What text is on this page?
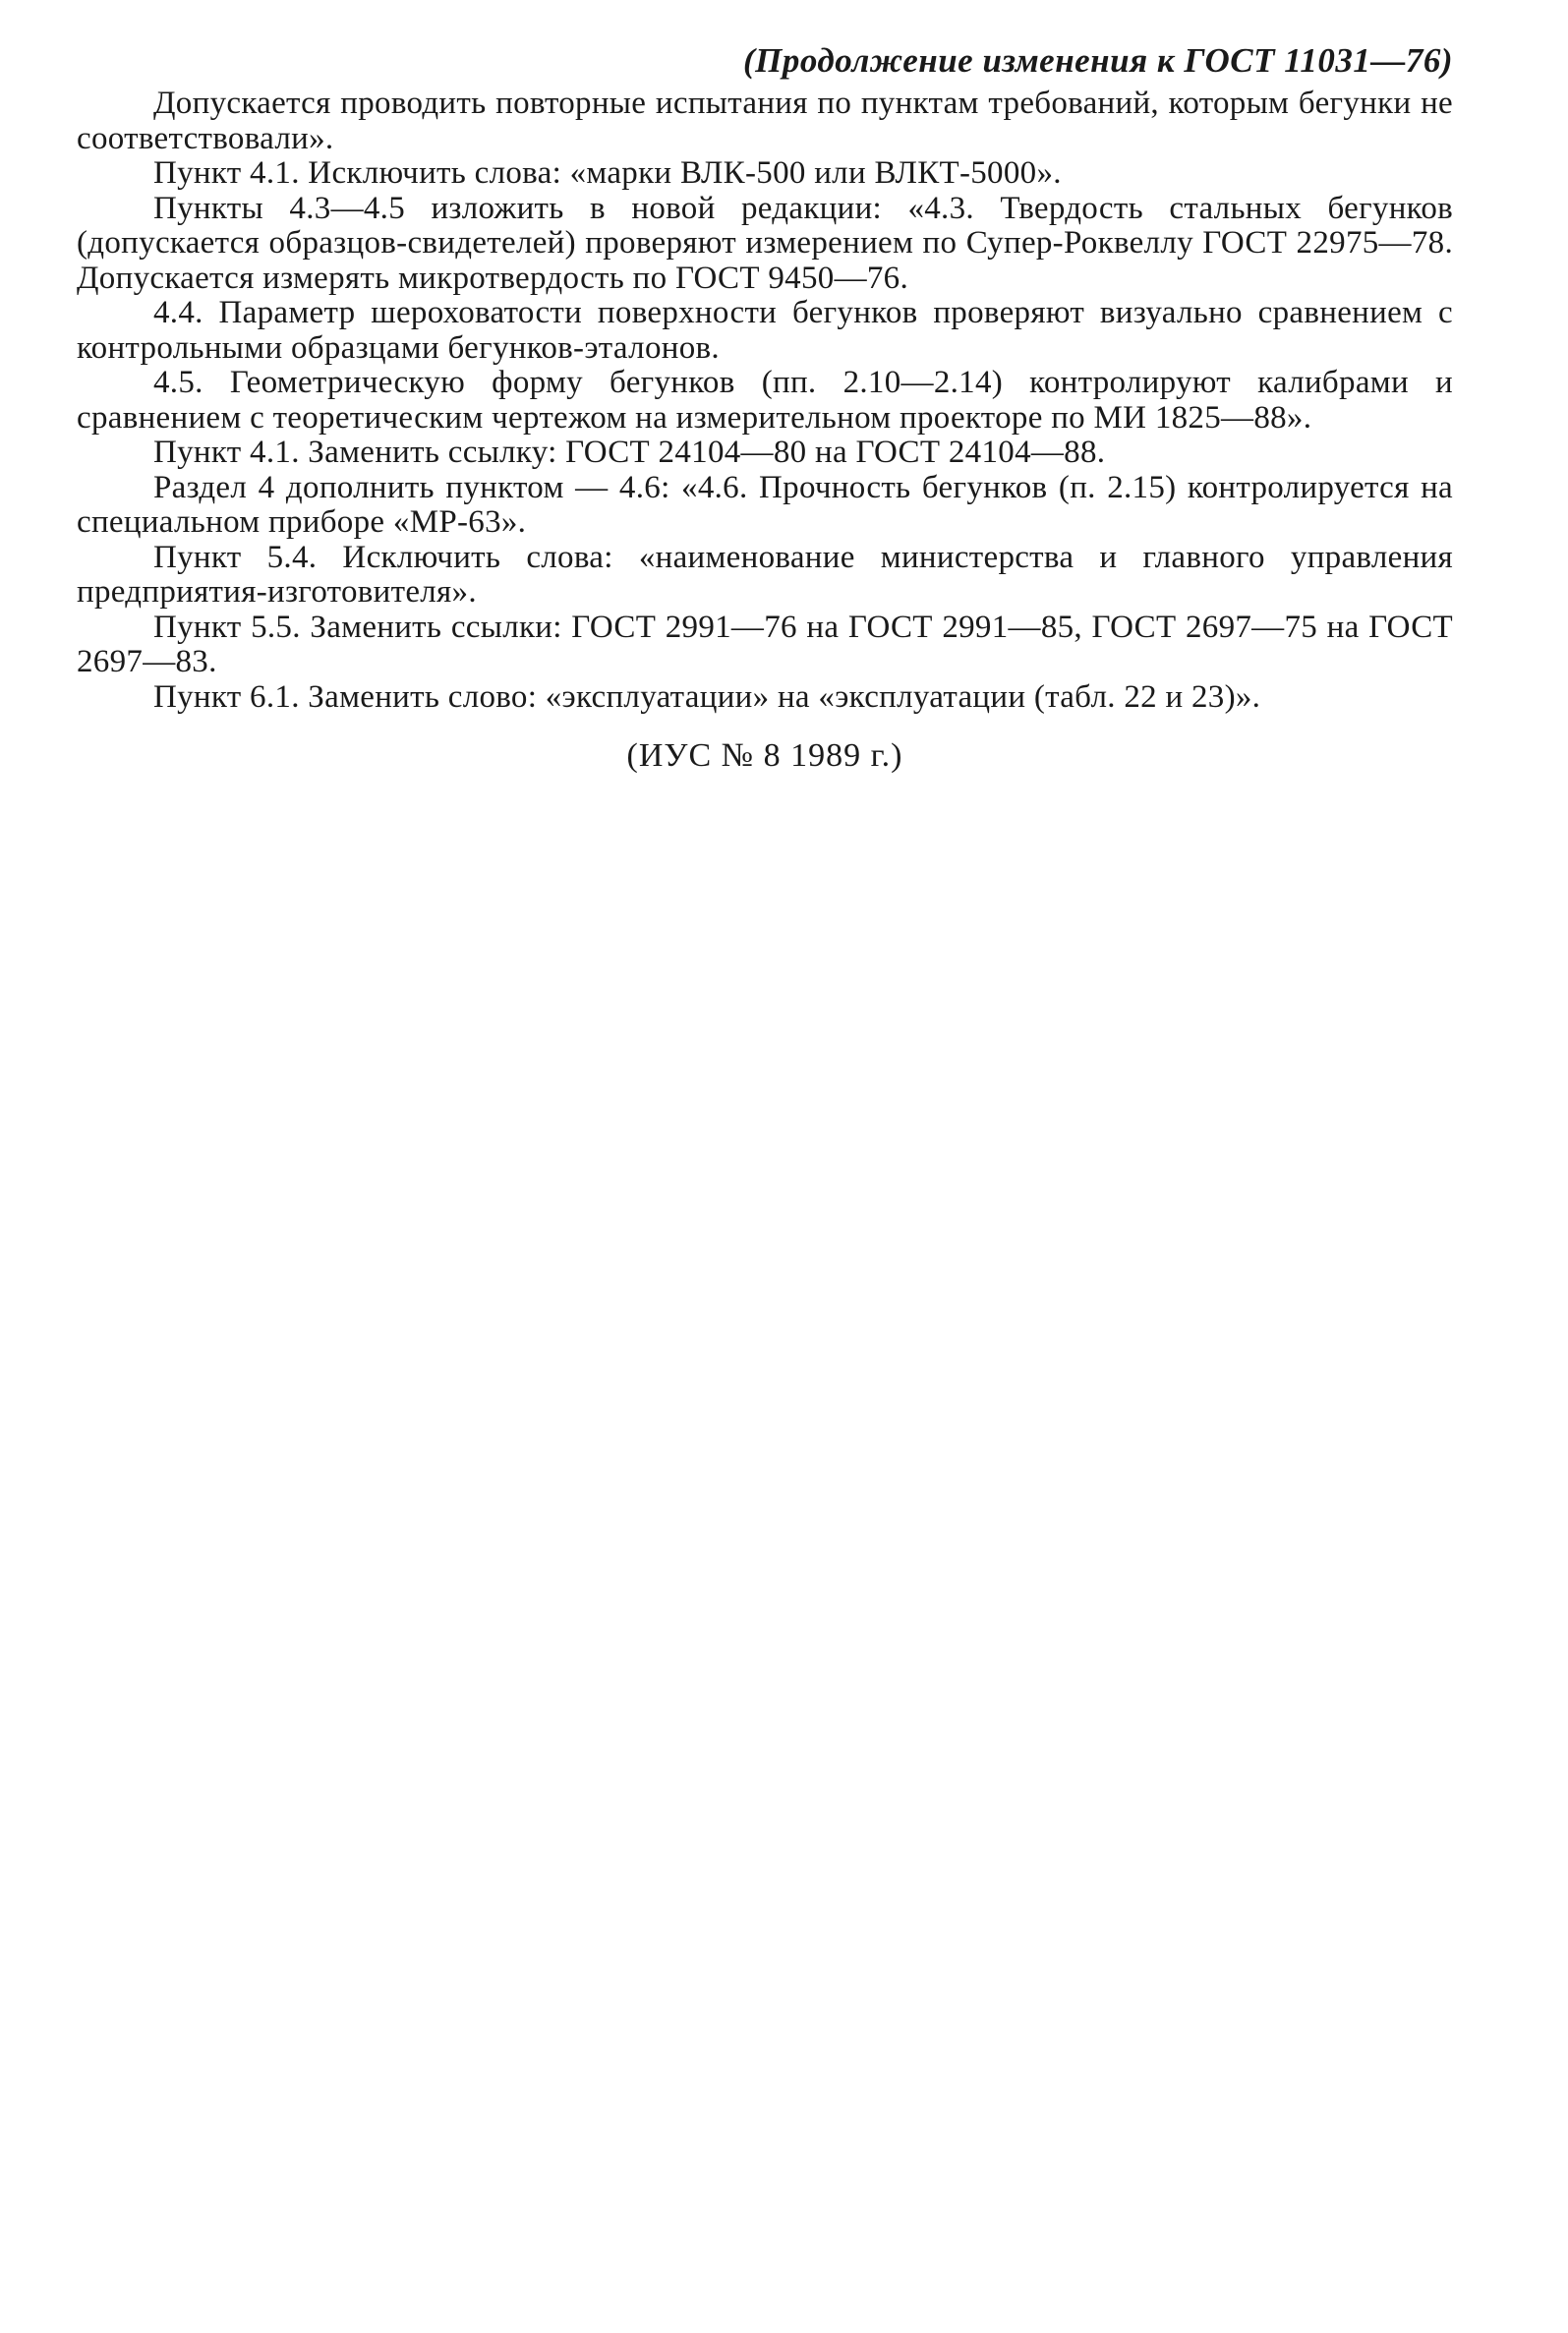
(Продолжение изменения к ГОСТ 11031—76)

Допускается проводить повторные испытания по пунктам требований, которым бегунки не соответствовали».

Пункт 4.1. Исключить слова: «марки ВЛК-500 или ВЛКТ-5000».

Пункты 4.3—4.5 изложить в новой редакции: «4.3. Твердость стальных бегунков (допускается образцов-свидетелей) проверяют измерением по Супер-Роквеллу ГОСТ 22975—78. Допускается измерять микротвердость по ГОСТ 9450—76.

4.4. Параметр шероховатости поверхности бегунков проверяют визуально сравнением с контрольными образцами бегунков-эталонов.

4.5. Геометрическую форму бегунков (пп. 2.10—2.14) контролируют калибрами и сравнением с теоретическим чертежом на измерительном проекторе по МИ 1825—88».

Пункт 4.1. Заменить ссылку: ГОСТ 24104—80 на ГОСТ 24104—88.

Раздел 4 дополнить пунктом — 4.6: «4.6. Прочность бегунков (п. 2.15) контролируется на специальном приборе «МР-63».

Пункт 5.4. Исключить слова: «наименование министерства и главного управления предприятия-изготовителя».

Пункт 5.5. Заменить ссылки: ГОСТ 2991—76 на ГОСТ 2991—85, ГОСТ 2697—75 на ГОСТ 2697—83.

Пункт 6.1. Заменить слово: «эксплуатации» на «эксплуатации (табл. 22 и 23)».

(ИУС № 8 1989 г.)
